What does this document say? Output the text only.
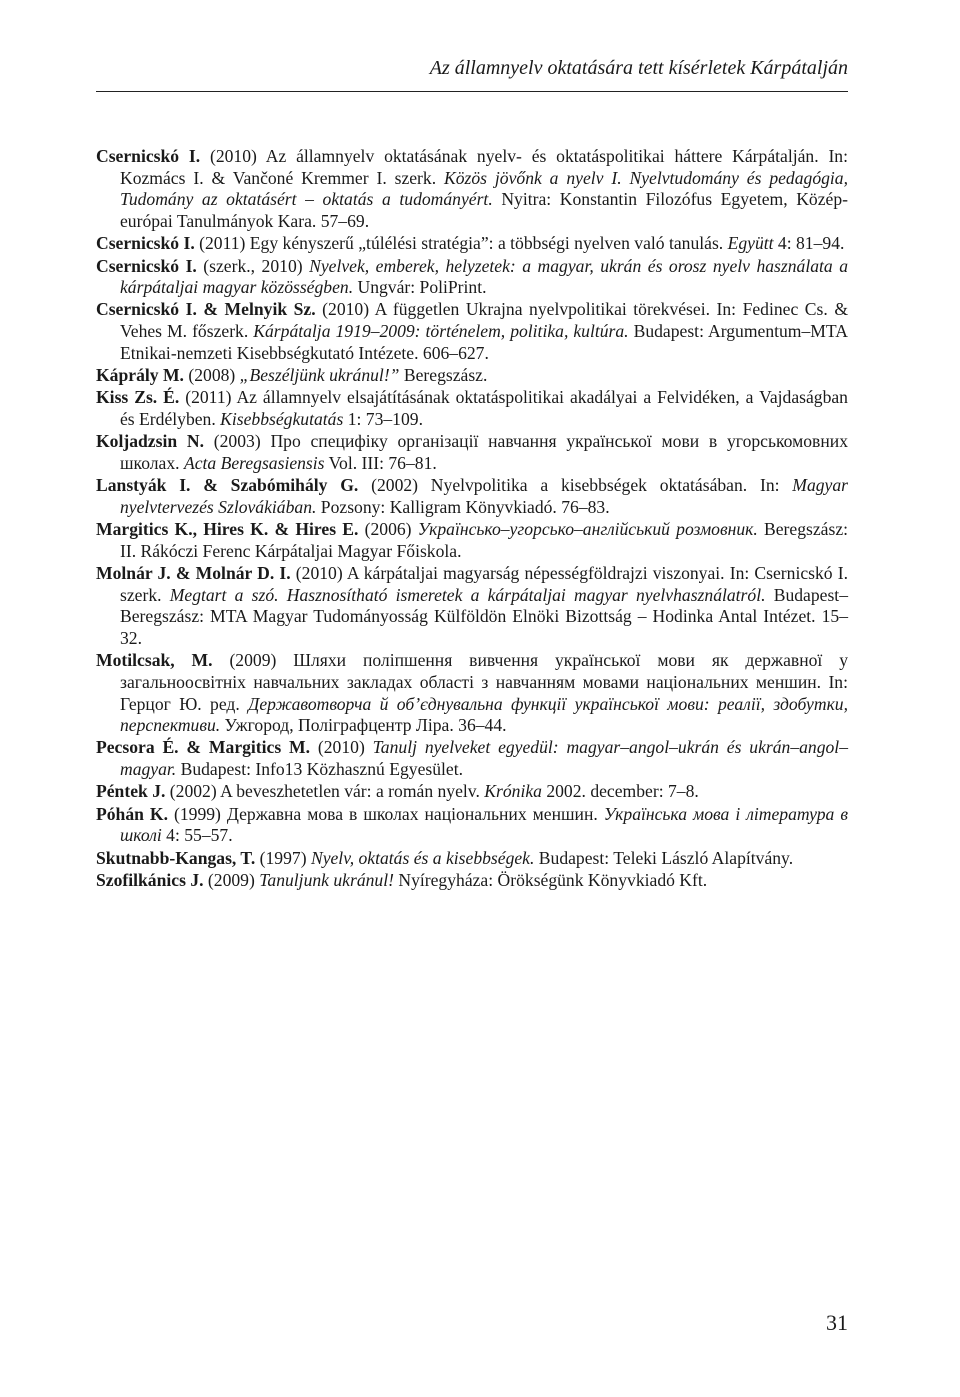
Az államnyelv oktatására tett kísérletek Kárpátalján

Csernicskó I. (2010) Az államnyelv oktatásának nyelv- és oktatáspolitikai háttere Kárpátalján. In: Kozmács I. & Vančoné Kremmer I. szerk. Közös jövőnk a nyelv I. Nyelvtudomány és pedagógia, Tudomány az oktatásért – oktatás a tudományért. Nyitra: Konstantin Filozófus Egyetem, Közép-európai Tanulmányok Kara. 57–69.

Csernicskó I. (2011) Egy kényszerű „túlélési stratégia”: a többségi nyelven való tanulás. Együtt 4: 81–94.

Csernicskó I. (szerk., 2010) Nyelvek, emberek, helyzetek: a magyar, ukrán és orosz nyelv használata a kárpátaljai magyar közösségben. Ungvár: PoliPrint.

Csernicskó I. & Melnyik Sz. (2010) A független Ukrajna nyelvpolitikai törekvései. In: Fedinec Cs. & Vehes M. főszerk. Kárpátalja 1919–2009: történelem, politika, kultúra. Budapest: Argumentum–MTA Etnikai-nemzeti Kisebbségkutató Intézete. 606–627.

Káprály M. (2008) „Beszéljünk ukránul!” Beregszász.

Kiss Zs. É. (2011) Az államnyelv elsajátításának oktatáspolitikai akadályai a Felvidéken, a Vajdaságban és Erdélyben. Kisebbségkutatás 1: 73–109.

Koljadzsin N. (2003) Про специфіку організації навчання української мови в угорськомовних школах. Acta Beregsasiensis Vol. III: 76–81.

Lanstyák I. & Szabómihály G. (2002) Nyelvpolitika a kisebbségek oktatásában. In: Magyar nyelvtervezés Szlovákiában. Pozsony: Kalligram Könyvkiadó. 76–83.

Margitics K., Hires K. & Hires E. (2006) Українсько–угорсько–англійський розмовник. Beregszász: II. Rákóczi Ferenc Kárpátaljai Magyar Főiskola.

Molnár J. & Molnár D. I. (2010) A kárpátaljai magyarság népességföldrajzi viszonyai. In: Csernicskó I. szerk. Megtart a szó. Hasznosítható ismeretek a kárpátaljai magyar nyelvhasználatról. Budapest–Beregszász: MTA Magyar Tudományosság Külföldön Elnöki Bizottság – Hodinka Antal Intézet. 15–32.

Motilcsak, M. (2009) Шляхи поліпшення вивчення української мови як державної у загальноосвітніх навчальних закладах області з навчанням мовами національних меншин. In: Герцог Ю. ред. Державотворча й об’єднувальна функції української мови: реалії, здобутки, перспективи. Ужгород, Поліграфцентр Ліра. 36–44.

Pecsora É. & Margitics M. (2010) Tanulj nyelveket egyedül: magyar–angol–ukrán és ukrán–angol–magyar. Budapest: Info13 Közhasznú Egyesület.

Péntek J. (2002) A beveszhetetlen vár: a román nyelv. Krónika 2002. december: 7–8.

Póhán K. (1999) Державна мова в школах національних меншин. Українська мова і література в школі 4: 55–57.

Skutnabb-Kangas, T. (1997) Nyelv, oktatás és a kisebbségek. Budapest: Teleki László Alapítvány.

Szofilkánics J. (2009) Tanuljunk ukránul! Nyíregyháza: Örökségünk Könyvkiadó Kft.

31
